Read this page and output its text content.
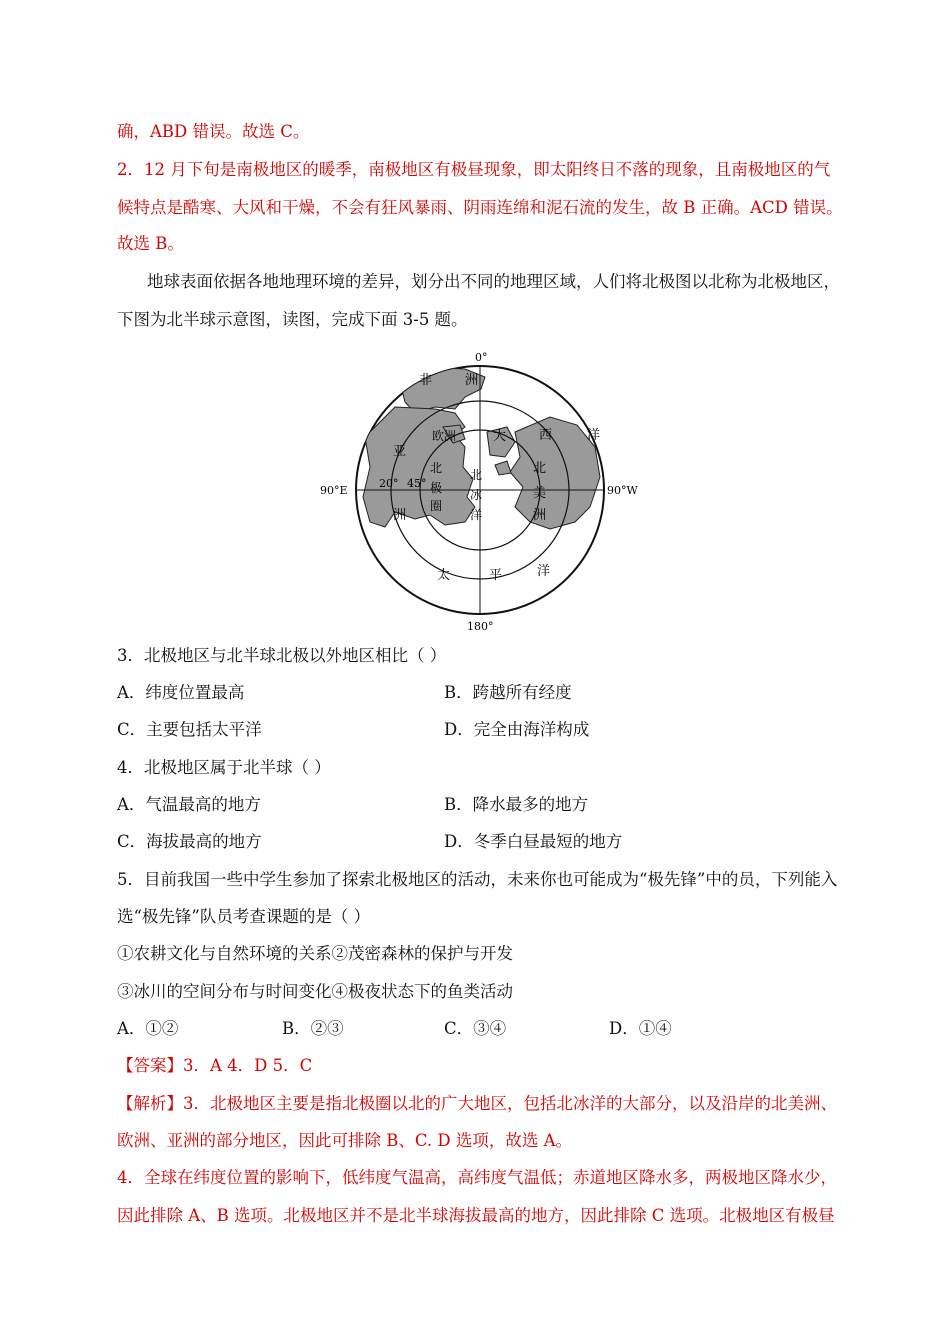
确，ABD 错误。故选 C。
2．12 月下旬是南极地区的暖季，南极地区有极昼现象，即太阳终日不落的现象，且南极地区的气
候特点是酷寒、大风和干燥，不会有狂风暴雨、阴雨连绵和泥石流的发生，故 B 正确。ACD 错误。
故选 B。
地球表面依据各地地理环境的差异，划分出不同的地理区域，人们将北极图以北称为北极地区，
下图为北半球示意图，读图，完成下面 3-5 题。
0°
180°
90°E	90°W
20° 45°
非	洲
欧洲	大	西	洋
亚
洲
北
极
圈
北
冰
洋
北
美
洲
太	平	洋
3．北极地区与北半球北极以外地区相比（ ）
A．纬度位置最高	B．跨越所有经度
C．主要包括太平洋	D．完全由海洋构成
4．北极地区属于北半球（ ）
A．气温最高的地方	B．降水最多的地方
C．海拔最高的地方	D．冬季白昼最短的地方
5．目前我国一些中学生参加了探索北极地区的活动，未来你也可能成为“极先锋”中的员，下列能入
选“极先锋”队员考查课题的是（ ）
①农耕文化与自然环境的关系②茂密森林的保护与开发
③冰川的空间分布与时间变化④极夜状态下的鱼类活动
A．①②	B．②③	C．③④	D．①④
【答案】3．A 4．D 5．C
【解析】3．北极地区主要是指北极圈以北的广大地区，包括北冰洋的大部分，以及沿岸的北美洲、
欧洲、亚洲的部分地区，因此可排除 B、C. D 选项，故选 A。
4．全球在纬度位置的影响下，低纬度气温高，高纬度气温低；赤道地区降水多，两极地区降水少，
因此排除 A、B 选项。北极地区并不是北半球海拔最高的地方，因此排除 C 选项。北极地区有极昼
